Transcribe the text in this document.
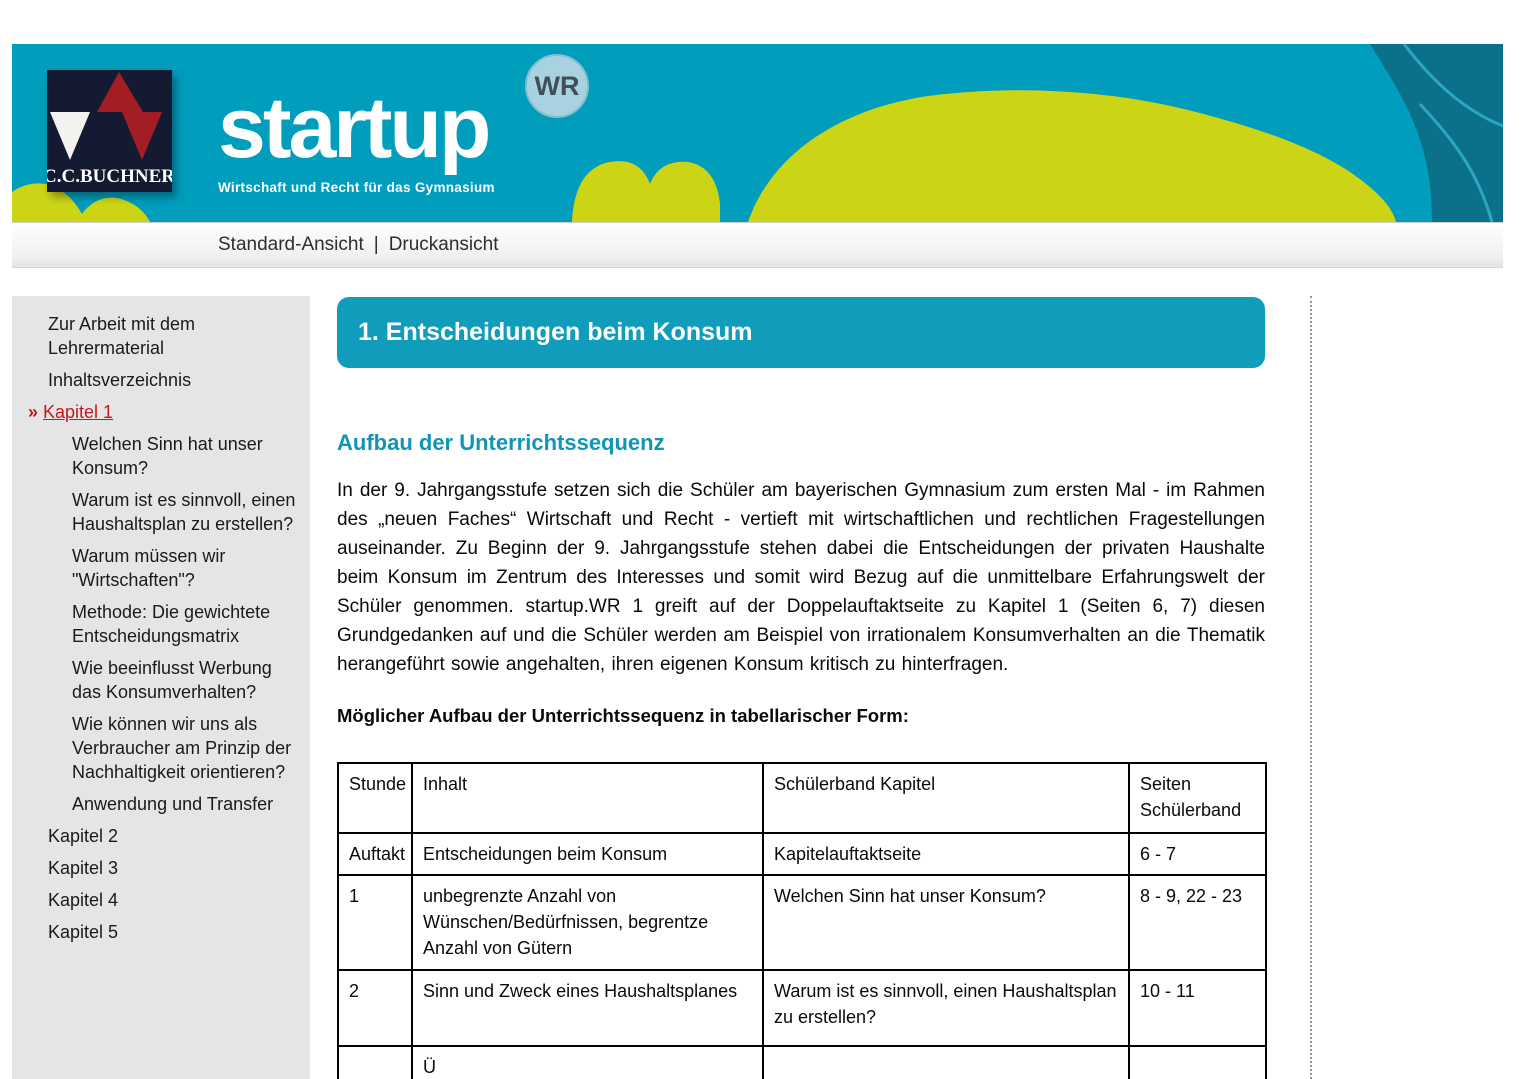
C.C.BUCHNER
startup
Wirtschaft und Recht für das Gymnasium
WR
Standard-Ansicht | Druckansicht
Zur Arbeit mit dem Lehrermaterial
Inhaltsverzeichnis
» Kapitel 1
Welchen Sinn hat unser Konsum?
Warum ist es sinnvoll, einen Haushaltsplan zu erstellen?
Warum müssen wir "Wirtschaften"?
Methode: Die gewichtete Entscheidungsmatrix
Wie beeinflusst Werbung das Konsumverhalten?
Wie können wir uns als Verbraucher am Prinzip der Nachhaltigkeit orientieren?
Anwendung und Transfer
Kapitel 2
Kapitel 3
Kapitel 4
Kapitel 5
1. Entscheidungen beim Konsum
Aufbau der Unterrichtssequenz

In der 9. Jahrgangsstufe setzen sich die Schüler am bayerischen Gymnasium zum ersten Mal - im Rahmen des „neuen Faches“ Wirtschaft und Recht - vertieft mit wirtschaftlichen und rechtlichen Fragestellungen auseinander. Zu Beginn der 9. Jahrgangsstufe stehen dabei die Entscheidungen der privaten Haushalte beim Konsum im Zentrum des Interesses und somit wird Bezug auf die unmittelbare Erfahrungswelt der Schüler genommen. startup.WR 1 greift auf der Doppelauftaktseite zu Kapitel 1 (Seiten 6, 7) diesen Grundgedanken auf und die Schüler werden am Beispiel von irrationalem Konsumverhalten an die Thematik herangeführt sowie angehalten, ihren eigenen Konsum kritisch zu hinterfragen.

Möglicher Aufbau der Unterrichtssequenz in tabellarischer Form:

Stunde	Inhalt	Schülerband Kapitel	Seiten Schülerband
Auftakt	Entscheidungen beim Konsum	Kapitelauftaktseite	6 - 7
1	unbegrenzte Anzahl von Wünschen/Bedürfnissen, begrentze Anzahl von Gütern	Welchen Sinn hat unser Konsum?	8 - 9, 22 - 23
2	Sinn und Zweck eines Haushaltsplanes	Warum ist es sinnvoll, einen Haushaltsplan zu erstellen?	10 - 11
	Ü		
